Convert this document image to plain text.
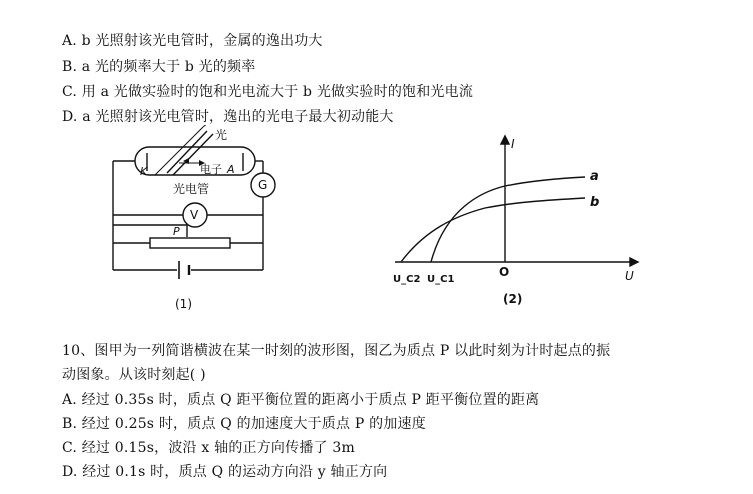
A. b 光照射该光电管时，金属的逸出功大
B. a 光的频率大于 b 光的频率
C. 用 a 光做实验时的饱和光电流大于 b 光做实验时的饱和光电流
D. a 光照射该光电管时，逸出的光电子最大初动能大
光
电子
光电管
K	A
G
V
P
(1)
I
U
O
U_C2 U_C1
a
b
(2)
10、图甲为一列简谐横波在某一时刻的波形图，图乙为质点 P 以此时刻为计时起点的振
动图象。从该时刻起( )
A. 经过 0.35s 时，质点 Q 距平衡位置的距离小于质点 P 距平衡位置的距离
B. 经过 0.25s 时，质点 Q 的加速度大于质点 P 的加速度
C. 经过 0.15s，波沿 x 轴的正方向传播了 3m
D. 经过 0.1s 时，质点 Q 的运动方向沿 y 轴正方向
